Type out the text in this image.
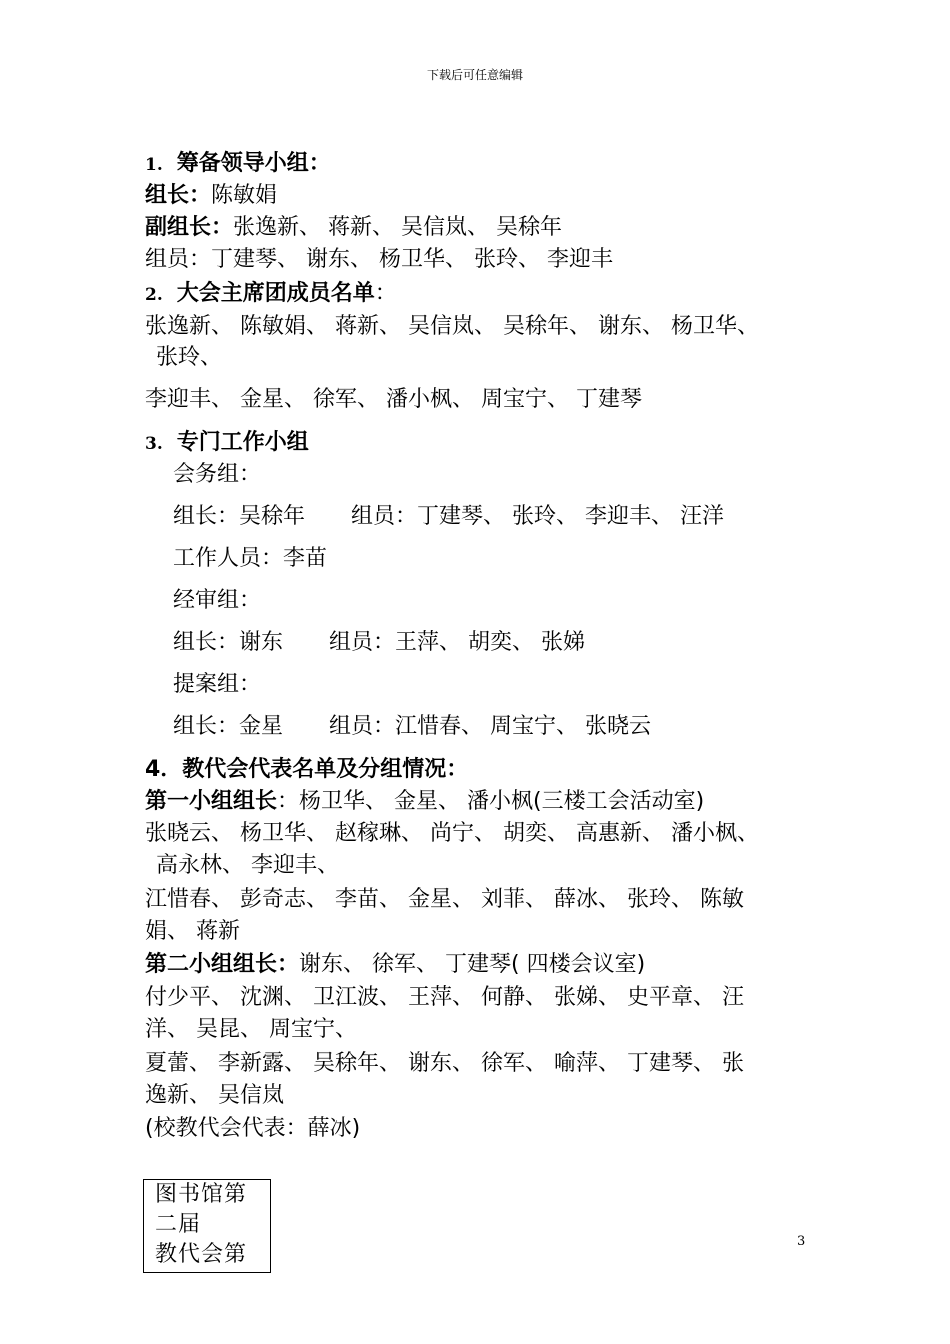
下载后可任意编辑
1. 筹备领导小组：
组长：陈敏娟
副组长：张逸新、 蒋新、 吴信岚、 吴稌年
组员：丁建琴、 谢东、 杨卫华、 张玲、 李迎丰
2. 大会主席团成员名单：
张逸新、 陈敏娟、 蒋新、 吴信岚、 吴稌年、 谢东、 杨卫华、
张玲、
李迎丰、 金星、 徐军、 潘小枫、 周宝宁、 丁建琴
3. 专门工作小组
会务组：
组长：吴稌年 组员：丁建琴、 张玲、 李迎丰、 汪洋
工作人员：李苗
经审组：
组长：谢东 组员：王萍、 胡奕、 张娣
提案组：
组长：金星 组员：江惜春、 周宝宁、 张晓云
4．教代会代表名单及分组情况：
第一小组组长：杨卫华、 金星、 潘小枫(三楼工会活动室)
张晓云、 杨卫华、 赵稼琳、 尚宁、 胡奕、 高惠新、 潘小枫、
高永林、 李迎丰、
江惜春、 彭奇志、 李苗、 金星、 刘菲、 薛冰、 张玲、 陈敏
娟、 蒋新
第二小组组长：谢东、 徐军、 丁建琴( 四楼会议室)
付少平、 沈渊、 卫江波、 王萍、 何静、 张娣、 史平章、 汪
洋、 吴昆、 周宝宁、
夏蕾、 李新露、 吴稌年、 谢东、 徐军、 喻萍、 丁建琴、 张
逸新、 吴信岚
(校教代会代表：薛冰)
图书馆第
二届
教代会第
3
